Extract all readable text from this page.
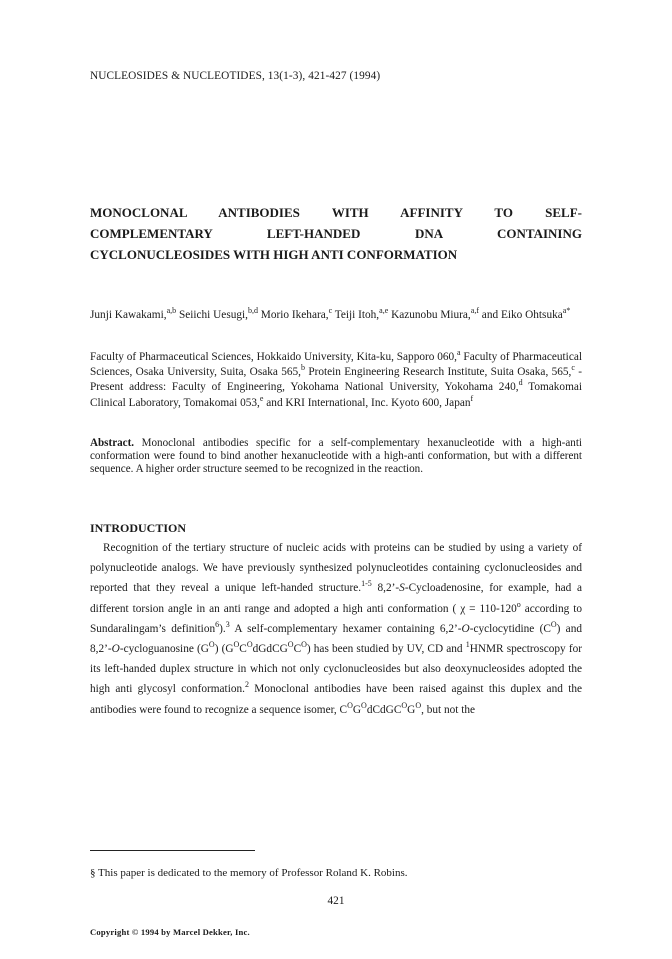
NUCLEOSIDES & NUCLEOTIDES, 13(1-3), 421-427 (1994)
MONOCLONAL ANTIBODIES WITH AFFINITY TO SELF-
COMPLEMENTARY LEFT-HANDED DNA CONTAINING
CYCLONUCLEOSIDES WITH HIGH ANTI CONFORMATION
Junji Kawakami,$^{a,b}$ Seiichi Uesugi,$^{b,d}$ Morio Ikehara,$^c$ Teiji Itoh,$^{a,e}$ Kazunobu Miura,$^{a,f}$ and Eiko Ohtsuka$^{a*}$
Faculty of Pharmaceutical Sciences, Hokkaido University, Kita-ku, Sapporo 060,$^a$ Faculty of Pharmaceutical Sciences, Osaka University, Suita, Osaka 565,$^b$ Protein Engineering Research Institute, Suita Osaka, 565,$^c$ - Present address: Faculty of Engineering, Yokohama National University, Yokohama 240,$^d$ Tomakomai Clinical Laboratory, Tomakomai 053,$^e$ and KRI International, Inc. Kyoto 600, Japan$^f$
Abstract. Monoclonal antibodies specific for a self-complementary hexanucleotide with a high-anti conformation were found to bind another hexanucleotide with a high-anti conformation, but with a different sequence. A higher order structure seemed to be recognized in the reaction.
INTRODUCTION
Recognition of the tertiary structure of nucleic acids with proteins can be studied by using a variety of polynucleotide analogs. We have previously synthesized polynucleotides containing cyclonucleosides and reported that they reveal a unique left-handed structure.$^{1-5}$ 8,2’-S-Cycloadenosine, for example, had a different torsion angle in an anti range and adopted a high anti conformation ( $\chi = 110-120^o$ according to Sundaralingam’s definition$^6$).$^3$ A self-complementary hexamer containing 6,2’-O-cyclocytidine $(C^O)$ and 8,2’-O-cycloguanosine $(G^O)$ $(G^OC^OdGdCG^OC^O)$ has been studied by UV, CD and $^1$HNMR spectroscopy for its left-handed duplex structure in which not only cyclonucleosides but also deoxynucleosides adopted the high anti glycosyl conformation.$^2$ Monoclonal antibodies have been raised against this duplex and the antibodies were found to recognize a sequence isomer, $C^OG^OdCdGC^OG^O$, but not the
§ This paper is dedicated to the memory of Professor Roland K. Robins.
421
Copyright © 1994 by Marcel Dekker, Inc.
